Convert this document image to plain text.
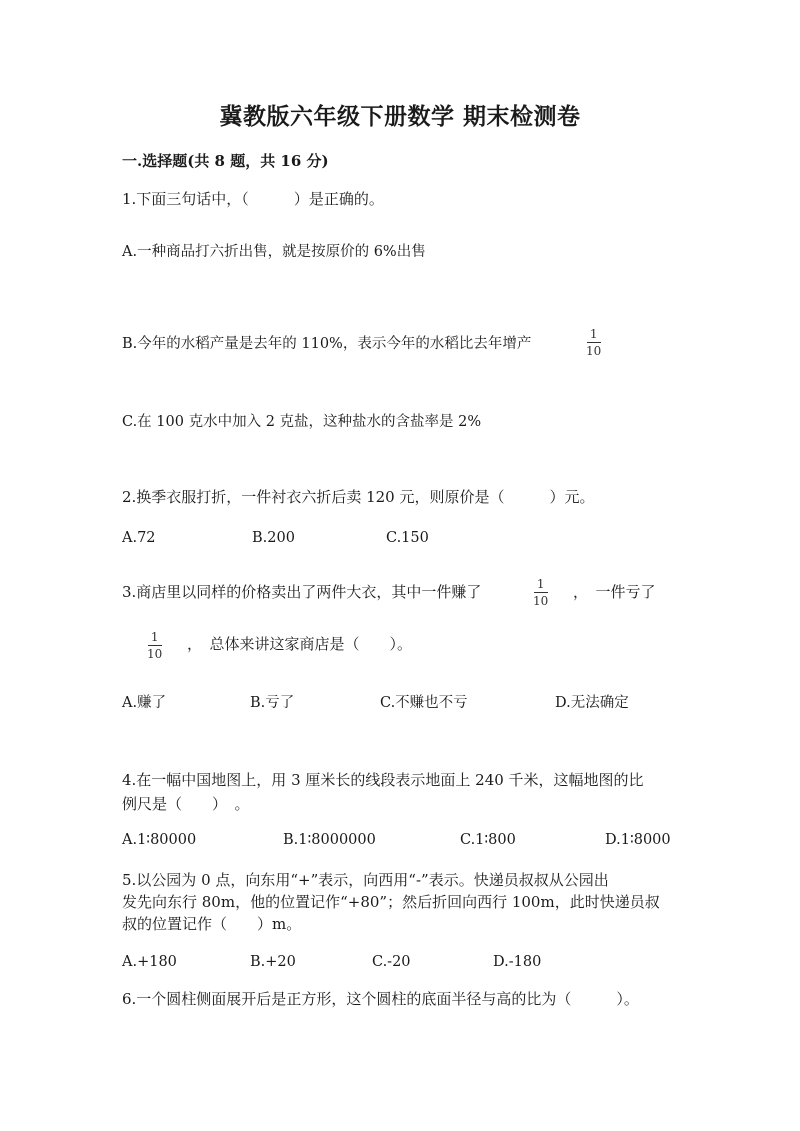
冀教版六年级下册数学 期末检测卷
一.选择题(共 8 题，共 16 分)
1.下面三句话中，（　　　）是正确的。
A.一种商品打六折出售，就是按原价的 6%出售
B.今年的水稻产量是去年的 110%，表示今年的水稻比去年增产
1
10
C.在 100 克水中加入 2 克盐，这种盐水的含盐率是 2%
2.换季衣服打折，一件衬衣六折后卖 120 元，则原价是（　　　）元。
A.72	B.200	C.150
3.商店里以同样的价格卖出了两件大衣，其中一件赚了	1
10 ，　一件亏了
1
10
，　总体来讲这家商店是（　　）。
A.赚了	B.亏了	C.不赚也不亏	D.无法确定
4.在一幅中国地图上，用 3 厘米长的线段表示地面上 240 千米，这幅地图的比
例尺是（　　）　。
A.1∶80000	B.1∶8000000	C.1∶800	D.1∶8000
5.以公园为 0 点，向东用“+”表示，向西用“-”表示。快递员叔叔从公园出
发先向东行 80m，他的位置记作“+80”；然后折回向西行 100m，此时快递员叔
叔的位置记作（　　）m。
A.+180	B.+20	C.-20	D.-180
6.一个圆柱侧面展开后是正方形，这个圆柱的底面半径与高的比为（　　　）。
